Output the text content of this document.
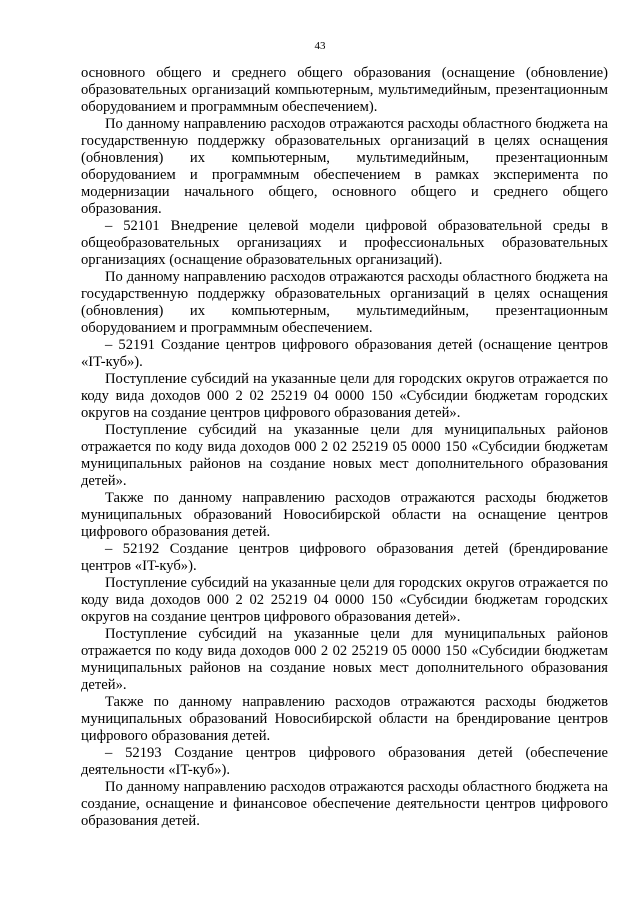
43

основного общего и среднего общего образования (оснащение (обновление) образовательных организаций компьютерным, мультимедийным, презентационным оборудованием и программным обеспечением).

По данному направлению расходов отражаются расходы областного бюджета на государственную поддержку образовательных организаций в целях оснащения (обновления) их компьютерным, мультимедийным, презентационным оборудованием и программным обеспечением в рамках эксперимента по модернизации начального общего, основного общего и среднего общего образования.

– 52101 Внедрение целевой модели цифровой образовательной среды в общеобразовательных организациях и профессиональных образовательных организациях (оснащение образовательных организаций).

По данному направлению расходов отражаются расходы областного бюджета на государственную поддержку образовательных организаций в целях оснащения (обновления) их компьютерным, мультимедийным, презентационным оборудованием и программным обеспечением.

– 52191 Создание центров цифрового образования детей (оснащение центров «IT-куб»).

Поступление субсидий на указанные цели для городских округов отражается по коду вида доходов 000 2 02 25219 04 0000 150 «Субсидии бюджетам городских округов на создание центров цифрового образования детей».

Поступление субсидий на указанные цели для муниципальных районов отражается по коду вида доходов 000 2 02 25219 05 0000 150 «Субсидии бюджетам муниципальных районов на создание новых мест дополнительного образования детей».

Также по данному направлению расходов отражаются расходы бюджетов муниципальных образований Новосибирской области на оснащение центров цифрового образования детей.

– 52192 Создание центров цифрового образования детей (брендирование центров «IT-куб»).

Поступление субсидий на указанные цели для городских округов отражается по коду вида доходов 000 2 02 25219 04 0000 150 «Субсидии бюджетам городских округов на создание центров цифрового образования детей».

Поступление субсидий на указанные цели для муниципальных районов отражается по коду вида доходов 000 2 02 25219 05 0000 150 «Субсидии бюджетам муниципальных районов на создание новых мест дополнительного образования детей».

Также по данному направлению расходов отражаются расходы бюджетов муниципальных образований Новосибирской области на брендирование центров цифрового образования детей.

– 52193 Создание центров цифрового образования детей (обеспечение деятельности «IT-куб»).

По данному направлению расходов отражаются расходы областного бюджета на создание, оснащение и финансовое обеспечение деятельности центров цифрового образования детей.
